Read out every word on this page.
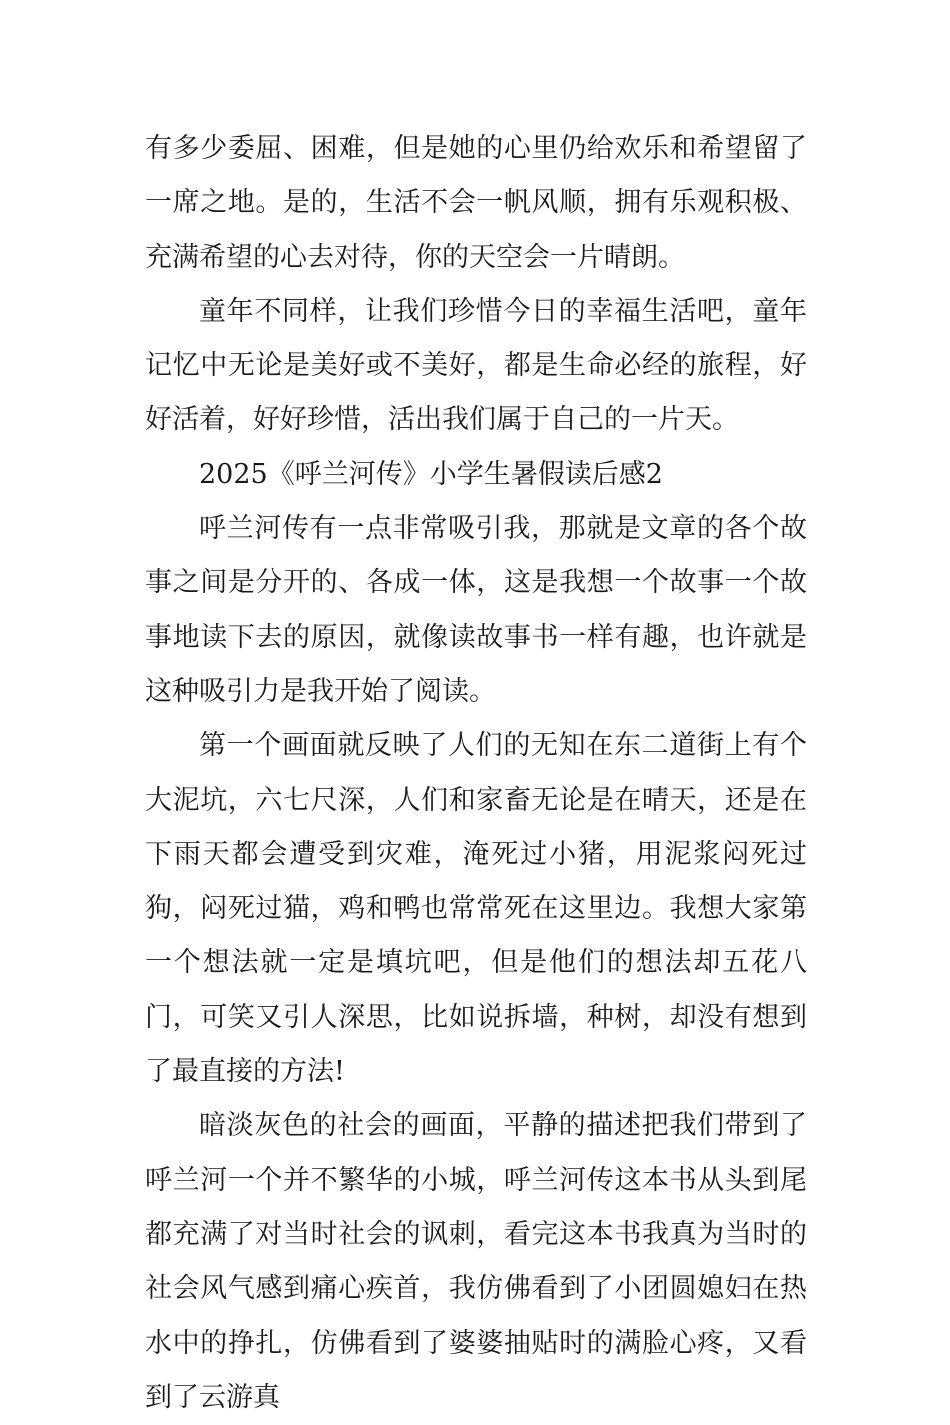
有多少委屈、困难，但是她的心里仍给欢乐和希望留了一席之地。是的，生活不会一帆风顺，拥有乐观积极、充满希望的心去对待，你的天空会一片晴朗。

童年不同样，让我们珍惜今日的幸福生活吧，童年记忆中无论是美好或不美好，都是生命必经的旅程，好好活着，好好珍惜，活出我们属于自己的一片天。

2025《呼兰河传》小学生暑假读后感2

呼兰河传有一点非常吸引我，那就是文章的各个故事之间是分开的、各成一体，这是我想一个故事一个故事地读下去的原因，就像读故事书一样有趣，也许就是这种吸引力是我开始了阅读。

第一个画面就反映了人们的无知在东二道街上有个大泥坑，六七尺深，人们和家畜无论是在晴天，还是在下雨天都会遭受到灾难，淹死过小猪，用泥浆闷死过狗，闷死过猫，鸡和鸭也常常死在这里边。我想大家第一个想法就一定是填坑吧，但是他们的想法却五花八门，可笑又引人深思，比如说拆墙，种树，却没有想到了最直接的方法!

暗淡灰色的社会的画面，平静的描述把我们带到了呼兰河一个并不繁华的小城，呼兰河传这本书从头到尾都充满了对当时社会的讽刺，看完这本书我真为当时的社会风气感到痛心疾首，我仿佛看到了小团圆媳妇在热水中的挣扎，仿佛看到了婆婆抽贴时的满脸心疼，又看到了云游真
